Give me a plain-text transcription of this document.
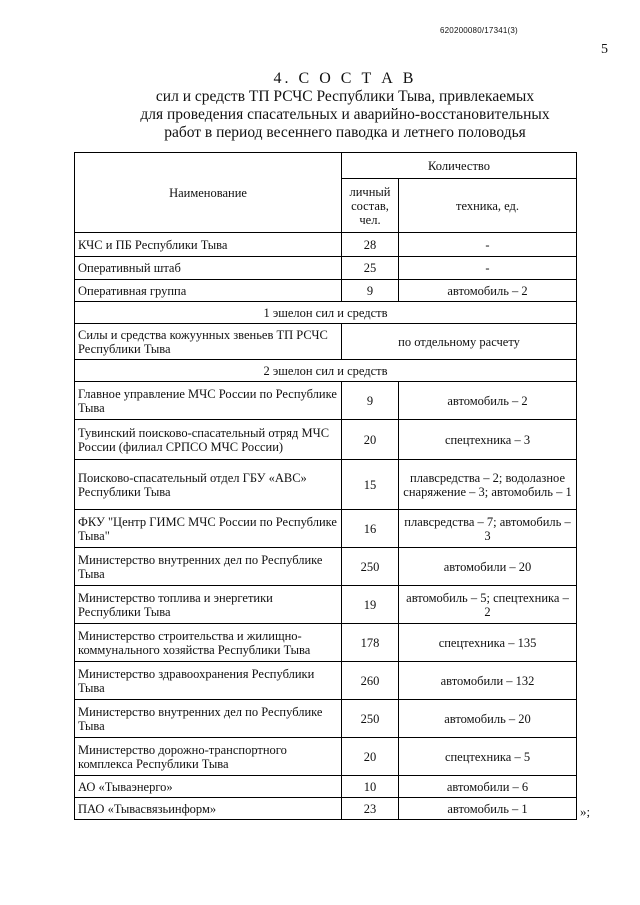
620200080/17341(3)
5
4. С О С Т А В
сил и средств ТП РСЧС Республики Тыва, привлекаемых
для проведения спасательных и аварийно-восстановительных
работ в период весеннего паводка и летнего половодья
Наименование	Количество	
	личный состав, чел.	техника, ед.
КЧС и ПБ Республики Тыва	28	-
Оперативный штаб	25	-
Оперативная группа	9	автомобиль – 2
1 эшелон сил и средств		
Силы и средства кожуунных звеньев ТП РСЧС Республики Тыва	по отдельному расчету	
2 эшелон сил и средств		
Главное управление МЧС России по Республике Тыва	9	автомобиль – 2
Тувинский поисково-спасательный отряд МЧС России (филиал СРПСО МЧС России)	20	спецтехника – 3
Поисково-спасательный отдел ГБУ «АВС» Республики Тыва	15	плавсредства – 2; водолазное снаряжение – 3; автомобиль – 1
ФКУ "Центр ГИМС МЧС России по Республике Тыва"	16	плавсредства – 7; автомобиль – 3
Министерство внутренних дел по Республике Тыва	250	автомобили – 20
Министерство топлива и энергетики Республики Тыва	19	автомобиль – 5; спецтехника – 2
Министерство строительства и жилищно-коммунального хозяйства Республики Тыва	178	спецтехника – 135
Министерство здравоохранения Республики Тыва	260	автомобили – 132
Министерство внутренних дел по Республике Тыва	250	автомобиль – 20
Министерство дорожно-транспортного комплекса Республики Тыва	20	спецтехника – 5
АО «Тываэнерго»	10	автомобили – 6
ПАО «Тывасвязьинформ»	23	автомобиль – 1	»;
